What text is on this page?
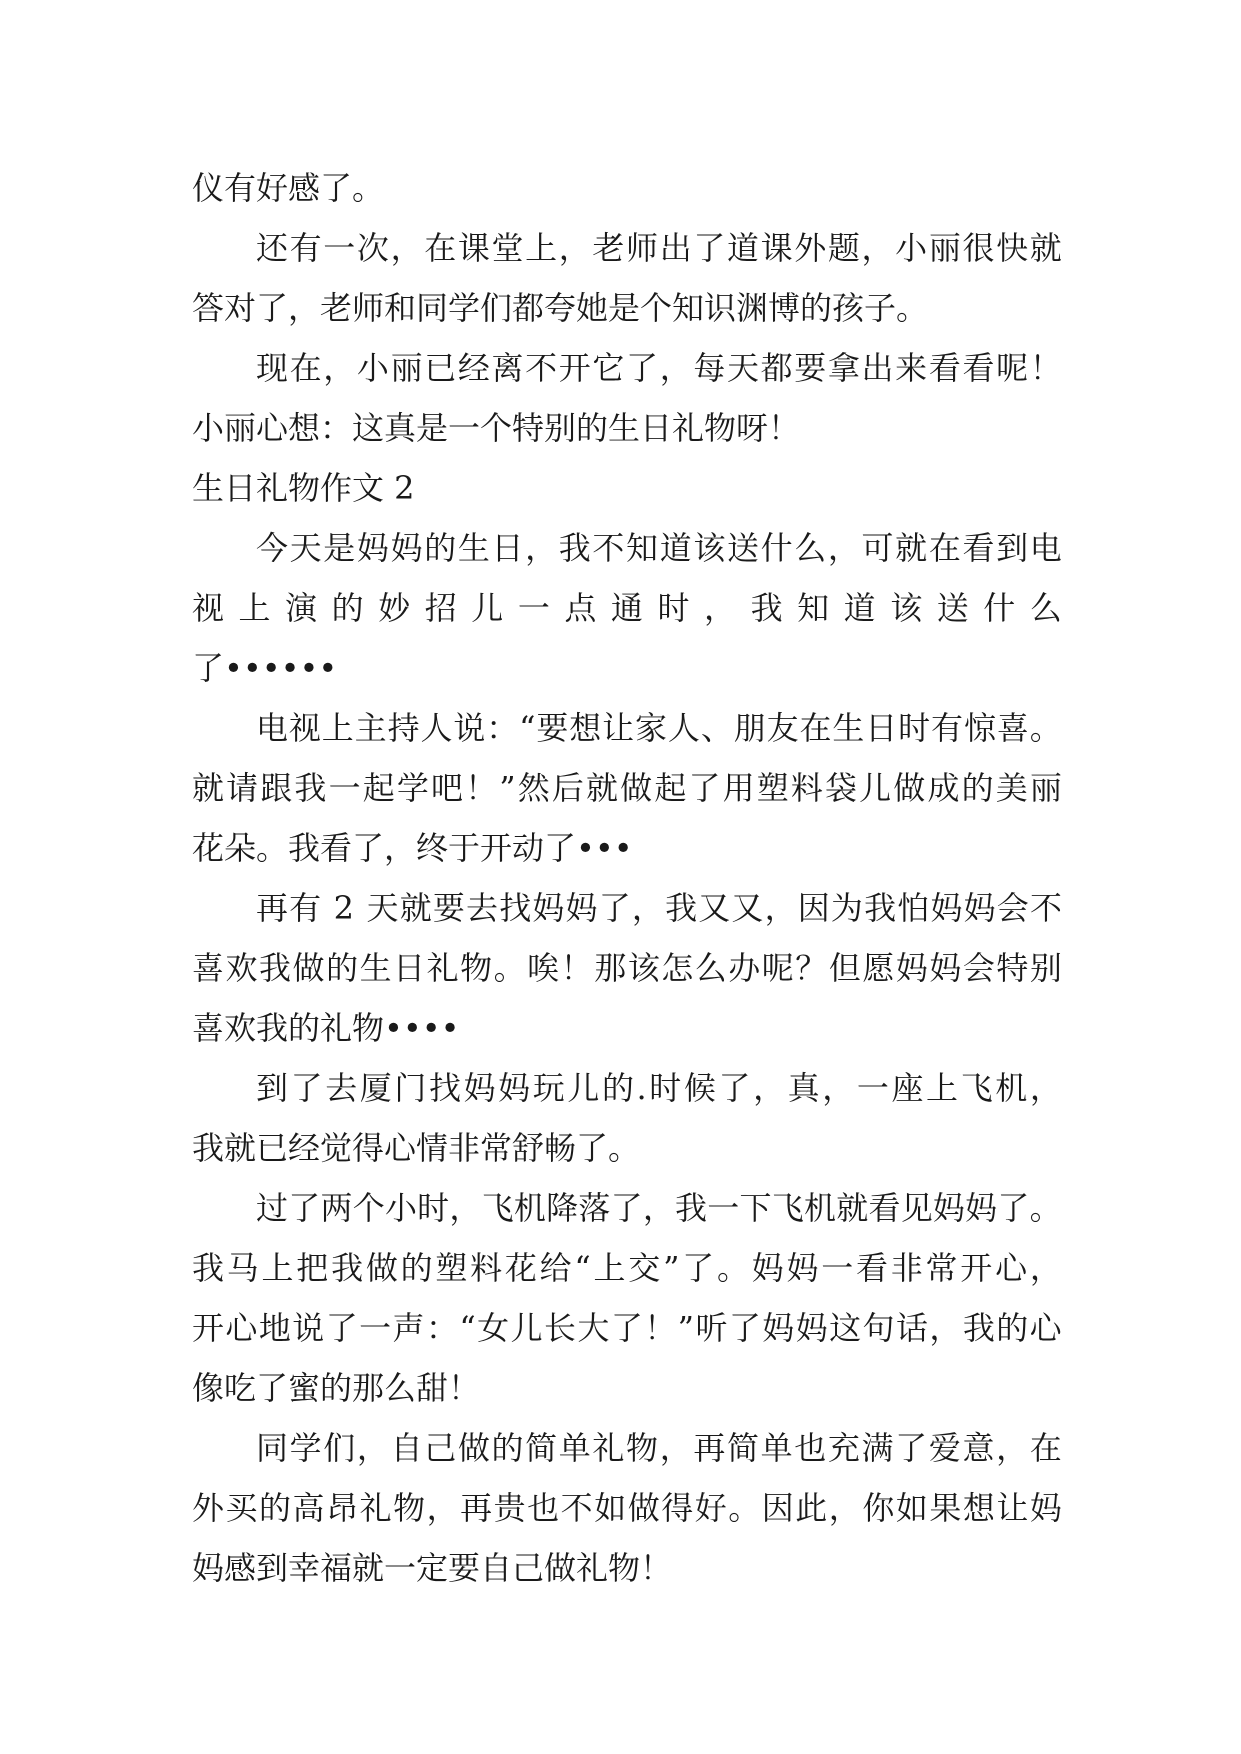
仪有好感了。
还 有 一 次 ， 在 课 堂 上 ， 老 师 出 了 道 课 外 题 ， 小 丽 很 快 就
答对了，老师和同学们都夸她是个知识渊博的孩子。
现 在 ， 小 丽 已 经 离 不 开 它 了 ， 每 天 都 要 拿 出 来 看 看 呢 ！
小丽心想：这真是一个特别的生日礼物呀！
生日礼物作文 2
今 天 是 妈 妈 的 生 日 ， 我 不 知 道 该 送 什 么 ， 可 就 在 看 到 电
视 上 演 的 妙 招 儿 一 点 通 时 ， 我 知 道 该 送 什 么
了••••••
电 视 上 主 持 人 说 ： “ 要 想 让 家 人 、 朋 友 在 生 日 时 有 惊 喜 。
就 请 跟 我 一 起 学 吧 ！ ” 然 后 就 做 起 了 用 塑 料 袋 儿 做 成 的 美 丽
花朵。我看了，终于开动了•••
再 有
2
天 就 要 去 找 妈 妈 了 ， 我 又 又 ， 因 为 我 怕 妈 妈 会 不
喜 欢 我 做 的 生 日 礼 物 。 唉 ！ 那 该 怎 么 办 呢 ？ 但 愿 妈 妈 会 特 别
喜欢我的礼物••••
到 了 去 厦 门 找 妈 妈 玩 儿 的 . 时 候 了 ， 真 ， 一 座 上 飞 机 ，
我就已经觉得心情非常舒畅了。
过 了 两 个 小 时 ， 飞 机 降 落 了 ， 我 一 下 飞 机 就 看 见 妈 妈 了 。
我 马 上 把 我 做 的 塑 料 花 给 “ 上 交 ” 了 。 妈 妈 一 看 非 常 开 心 ，
开 心 地 说 了 一 声 ： “ 女 儿 长 大 了 ！ ” 听 了 妈 妈 这 句 话 ， 我 的 心
像吃了蜜的那么甜！
同 学 们 ， 自 己 做 的 简 单 礼 物 ， 再 简 单 也 充 满 了 爱 意 ， 在
外 买 的 高 昂 礼 物 ， 再 贵 也 不 如 做 得 好 。 因 此 ， 你 如 果 想 让 妈
妈感到幸福就一定要自己做礼物！
